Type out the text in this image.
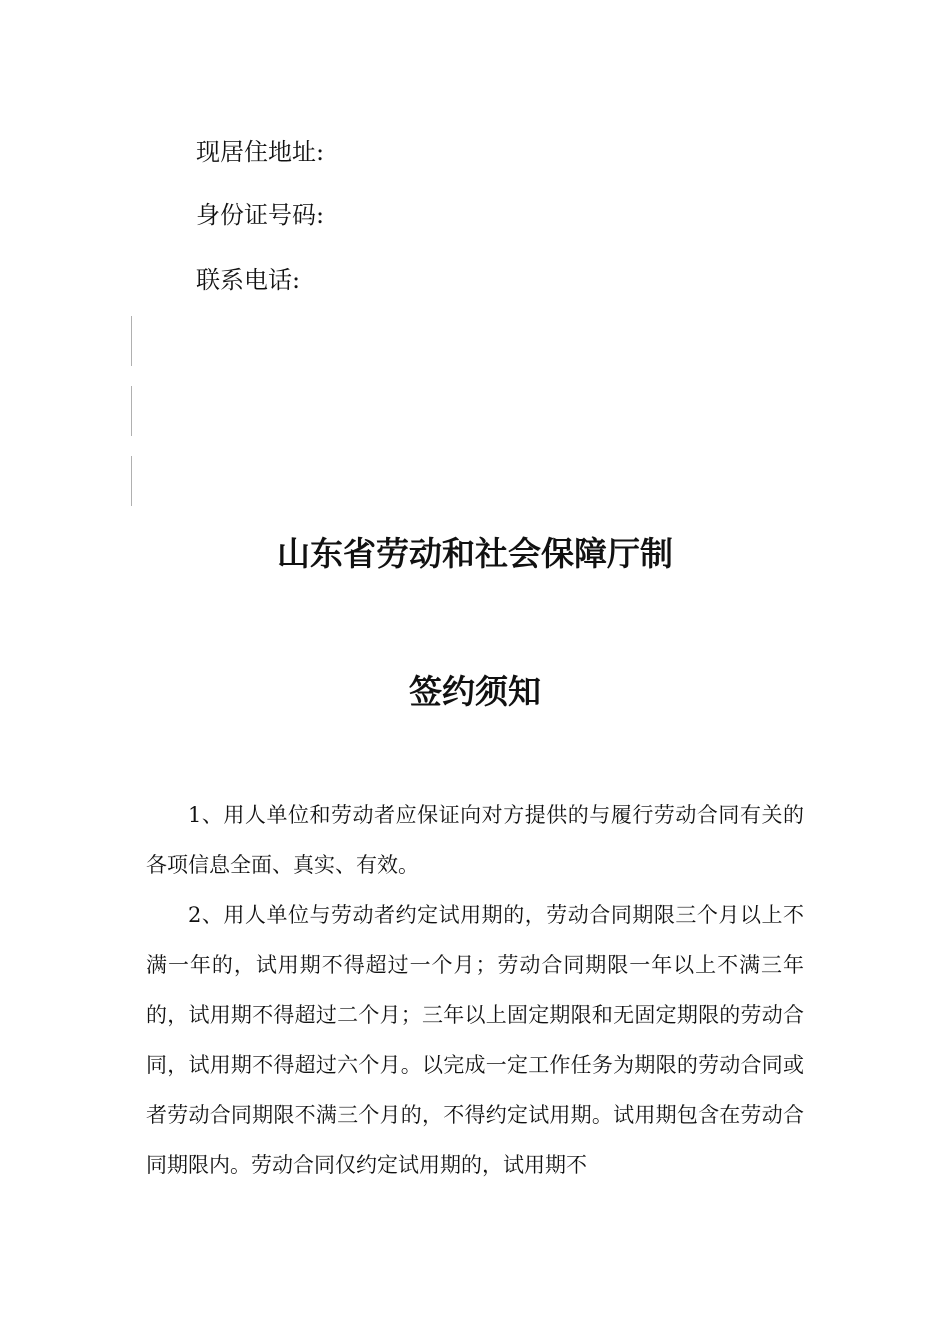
现居住地址:
身份证号码:
联系电话:
山东省劳动和社会保障厅制
签约须知

1、用人单位和劳动者应保证向对方提供的与履行劳动合同有关的各项信息全面、真实、有效。

2、用人单位与劳动者约定试用期的，劳动合同期限三个月以上不满一年的，试用期不得超过一个月；劳动合同期限一年以上不满三年的，试用期不得超过二个月；三年以上固定期限和无固定期限的劳动合同，试用期不得超过六个月。以完成一定工作任务为期限的劳动合同或者劳动合同期限不满三个月的，不得约定试用期。试用期包含在劳动合同期限内。劳动合同仅约定试用期的，试用期不
